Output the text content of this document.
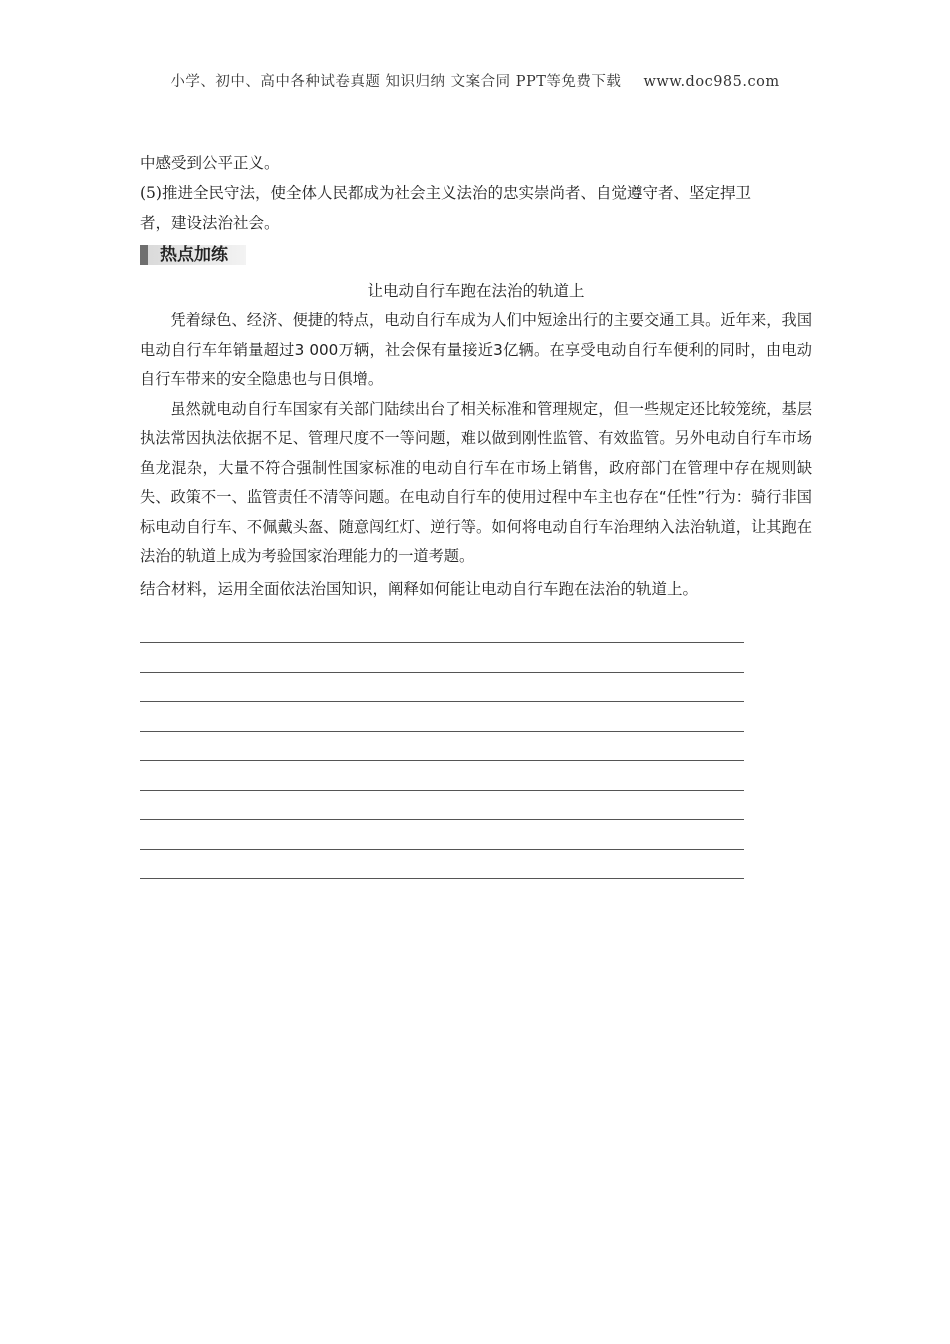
小学、初中、高中各种试卷真题 知识归纳 文案合同 PPT等免费下载 www.doc985.com
中感受到公平正义。
(5)推进全民守法，使全体人民都成为社会主义法治的忠实崇尚者、自觉遵守者、坚定捍卫
者，建设法治社会。
热点加练
让电动自行车跑在法治的轨道上
凭着绿色、经济、便捷的特点，电动自行车成为人们中短途出行的主要交通工具。近年来，我国电动自行车年销量超过3 000万辆，社会保有量接近3亿辆。在享受电动自行车便利的同时，由电动自行车带来的安全隐患也与日俱增。
虽然就电动自行车国家有关部门陆续出台了相关标准和管理规定，但一些规定还比较笼统，基层执法常因执法依据不足、管理尺度不一等问题，难以做到刚性监管、有效监管。另外电动自行车市场鱼龙混杂，大量不符合强制性国家标准的电动自行车在市场上销售，政府部门在管理中存在规则缺失、政策不一、监管责任不清等问题。在电动自行车的使用过程中车主也存在“任性”行为：骑行非国标电动自行车、不佩戴头盔、随意闯红灯、逆行等。如何将电动自行车治理纳入法治轨道，让其跑在法治的轨道上成为考验国家治理能力的一道考题。
结合材料，运用全面依法治国知识，阐释如何能让电动自行车跑在法治的轨道上。
